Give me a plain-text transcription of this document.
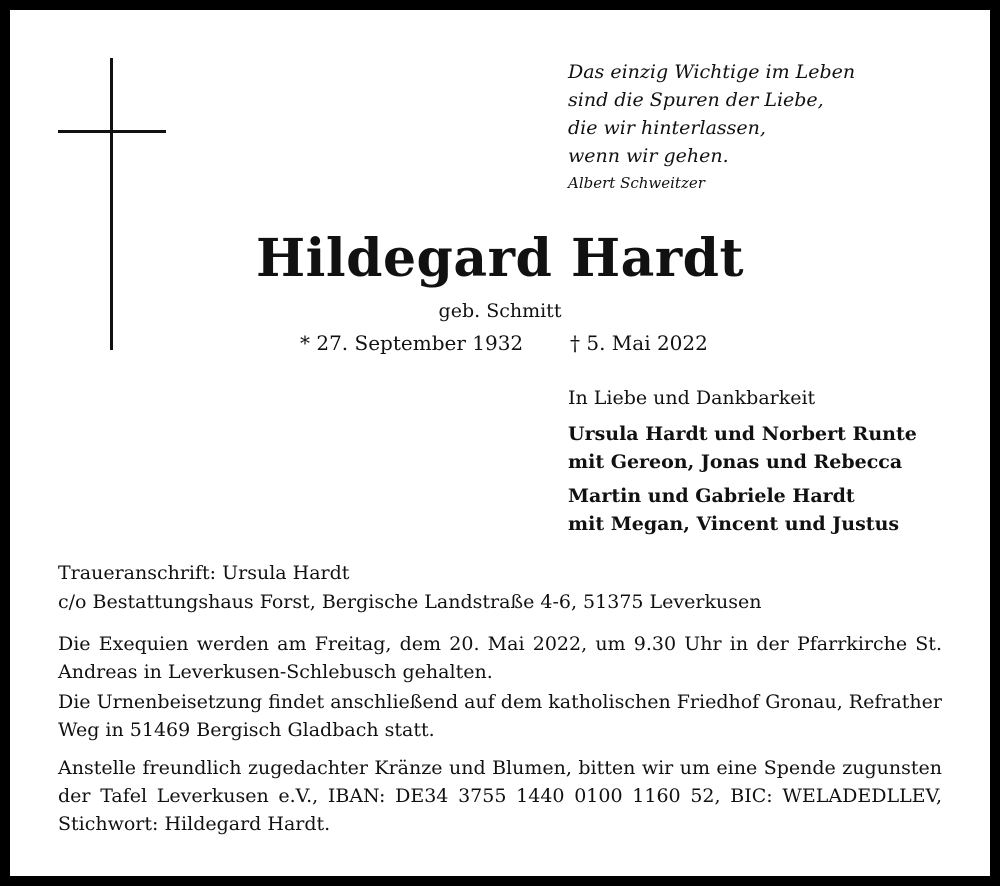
Das einzig Wichtige im Leben
sind die Spuren der Liebe,
die wir hinterlassen,
wenn wir gehen.
Albert Schweitzer
Hildegard Hardt
geb. Schmitt
* 27. September 1932 † 5. Mai 2022
In Liebe und Dankbarkeit
Ursula Hardt und Norbert Runte
mit Gereon, Jonas und Rebecca
Martin und Gabriele Hardt
mit Megan, Vincent und Justus
Traueranschrift: Ursula Hardt
c/o Bestattungshaus Forst, Bergische Landstraße 4-6, 51375 Leverkusen
Die Exequien werden am Freitag, dem 20. Mai 2022, um 9.30 Uhr in der Pfarrkirche St. Andreas in Leverkusen-Schlebusch gehalten.
Die Urnenbeisetzung findet anschließend auf dem katholischen Friedhof Gronau, Refrather Weg in 51469 Bergisch Gladbach statt.
Anstelle freundlich zugedachter Kränze und Blumen, bitten wir um eine Spende zugunsten der Tafel Leverkusen e.V., IBAN: DE34 3755 1440 0100 1160 52, BIC: WELADEDLLEV, Stichwort: Hildegard Hardt.
